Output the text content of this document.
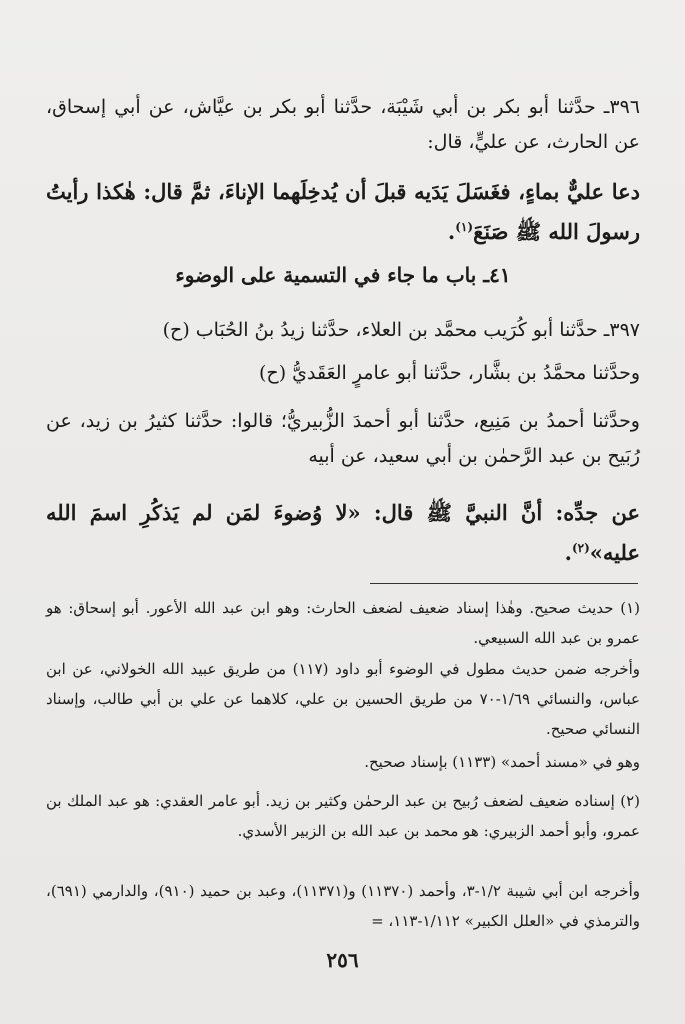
٣٩٦ـ حدَّثنا أبو بكر بن أبي شَيْبَة، حدَّثنا أبو بكر بن عيَّاش، عن أبي إسحاق، عن الحارث، عن عليٍّ، قال:

دعا عليٌّ بماءٍ، فغَسَلَ يَدَيه قبلَ أن يُدخِلَهما الإناءَ، ثمَّ قال: هٰكذا رأيتُ رسولَ الله ﷺ صَنَعَ$^{(١)}$.

٤١ـ باب ما جاء في التسمية على الوضوء

٣٩٧ـ حدَّثنا أبو كُرَيب محمَّد بن العلاء، حدَّثنا زيدُ بنُ الحُبَاب (ح)

وحدَّثنا محمَّدُ بن بشَّار، حدَّثنا أبو عامرٍ العَقَديُّ (ح)

وحدَّثنا أحمدُ بن مَنِيع، حدَّثنا أبو أحمدَ الزُّبيريُّ؛ قالوا: حدَّثنا كثيرُ بن زيد، عن رُبَيح بن عبد الرَّحمٰن بن أبي سعيد، عن أبيه

عن جدِّه: أنَّ النبيَّ ﷺ قال: «لا وُضوءَ لمَن لم يَذكُرِ اسمَ الله عليه»$^{(٢)}$.

(١) حديث صحيح. وهٰذا إسناد ضعيف لضعف الحارث: وهو ابن عبد الله الأعور. أبو إسحاق: هو عمرو بن عبد الله السبيعي.

وأخرجه ضمن حديث مطول في الوضوء أبو داود (١١٧) من طريق عبيد الله الخولاني، عن ابن عباس، والنسائي ١/٦٩-٧٠ من طريق الحسين بن علي، كلاهما عن علي بن أبي طالب، وإسناد النسائي صحيح.

وهو في «مسند أحمد» (١١٣٣) بإسناد صحيح.

(٢) إسناده ضعيف لضعف رُبيح بن عبد الرحمٰن وكثير بن زيد. أبو عامر العقدي: هو عبد الملك بن عمرو، وأبو أحمد الزبيري: هو محمد بن عبد الله بن الزبير الأسدي.

وأخرجه ابن أبي شيبة ١/٢-٣، وأحمد (١١٣٧٠) و(١١٣٧١)، وعبد بن حميد (٩١٠)، والدارمي (٦٩١)، والترمذي في «العلل الكبير» ١/١١٢-١١٣، =

٢٥٦
